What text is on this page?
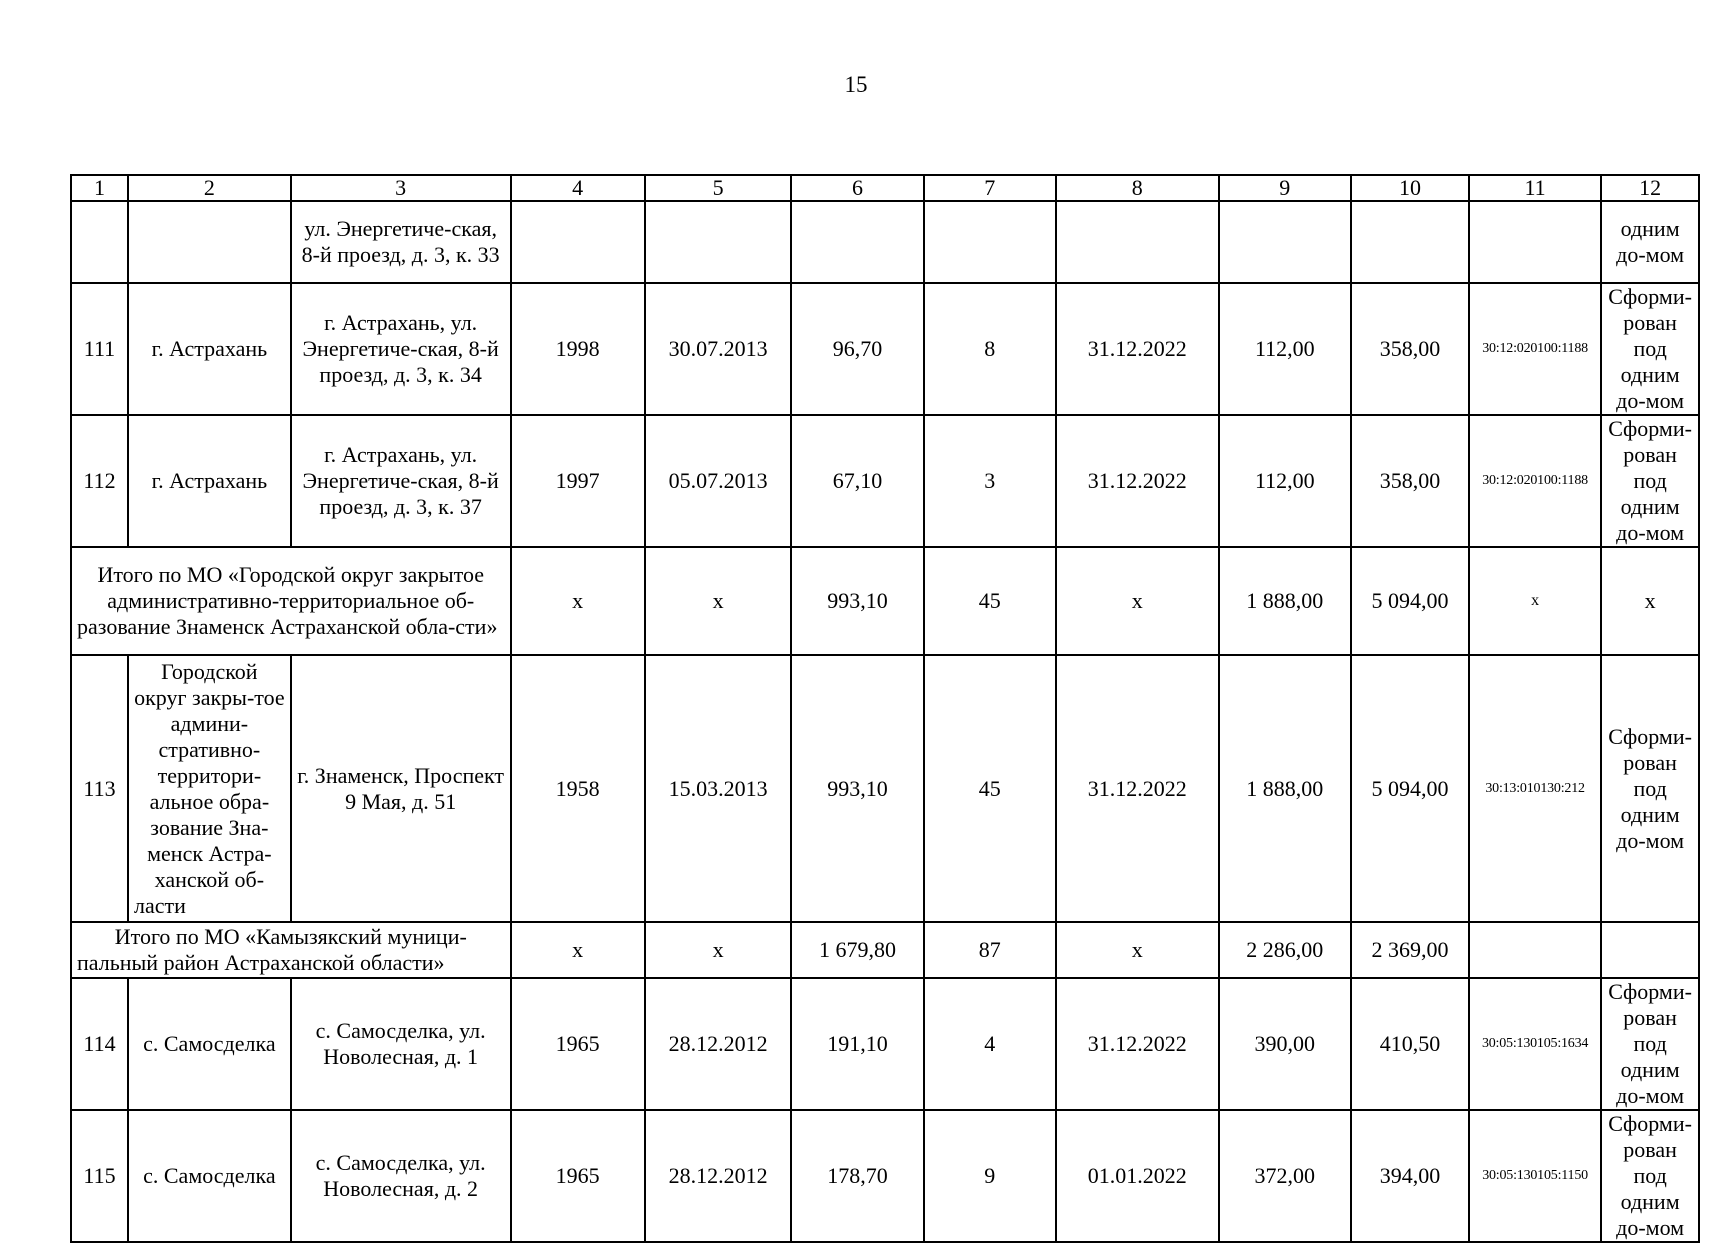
15
1	2	3	4	5	6	7	8	9	10	11	12
		ул. Энергетиче-ская, 8-й проезд, д. 3, к. 33									одним до-мом
111	г. Астрахань	г. Астрахань, ул. Энергетиче-ская, 8-й проезд, д. 3, к. 34	1998	30.07.2013	96,70	8	31.12.2022	112,00	358,00	30:12:020100:1188	Сформи-рован под одним до-мом
112	г. Астрахань	г. Астрахань, ул. Энергетиче-ская, 8-й проезд, д. 3, к. 37	1997	05.07.2013	67,10	3	31.12.2022	112,00	358,00	30:12:020100:1188	Сформи-рован под одним до-мом
Итого по МО «Городской округ закрытое административно-территориальное об-разование Знаменск Астраханской обла-сти»			x	x	993,10	45	x	1 888,00	5 094,00	x	x
113	Городской округ закры-тое админи-стративно-территори-альное обра-зование Зна-менск Астра-ханской об-ласти	г. Знаменск, Проспект 9 Мая, д. 51	1958	15.03.2013	993,10	45	31.12.2022	1 888,00	5 094,00	30:13:010130:212	Сформи-рован под одним до-мом
Итого по МО «Камызякский муници-пальный район Астраханской области»			x	x	1 679,80	87	x	2 286,00	2 369,00		
114	с. Самосделка	с. Самосделка, ул. Новолесная, д. 1	1965	28.12.2012	191,10	4	31.12.2022	390,00	410,50	30:05:130105:1634	Сформи-рован под одним до-мом
115	с. Самосделка	с. Самосделка, ул. Новолесная, д. 2	1965	28.12.2012	178,70	9	01.01.2022	372,00	394,00	30:05:130105:1150	Сформи-рован под одним до-мом
